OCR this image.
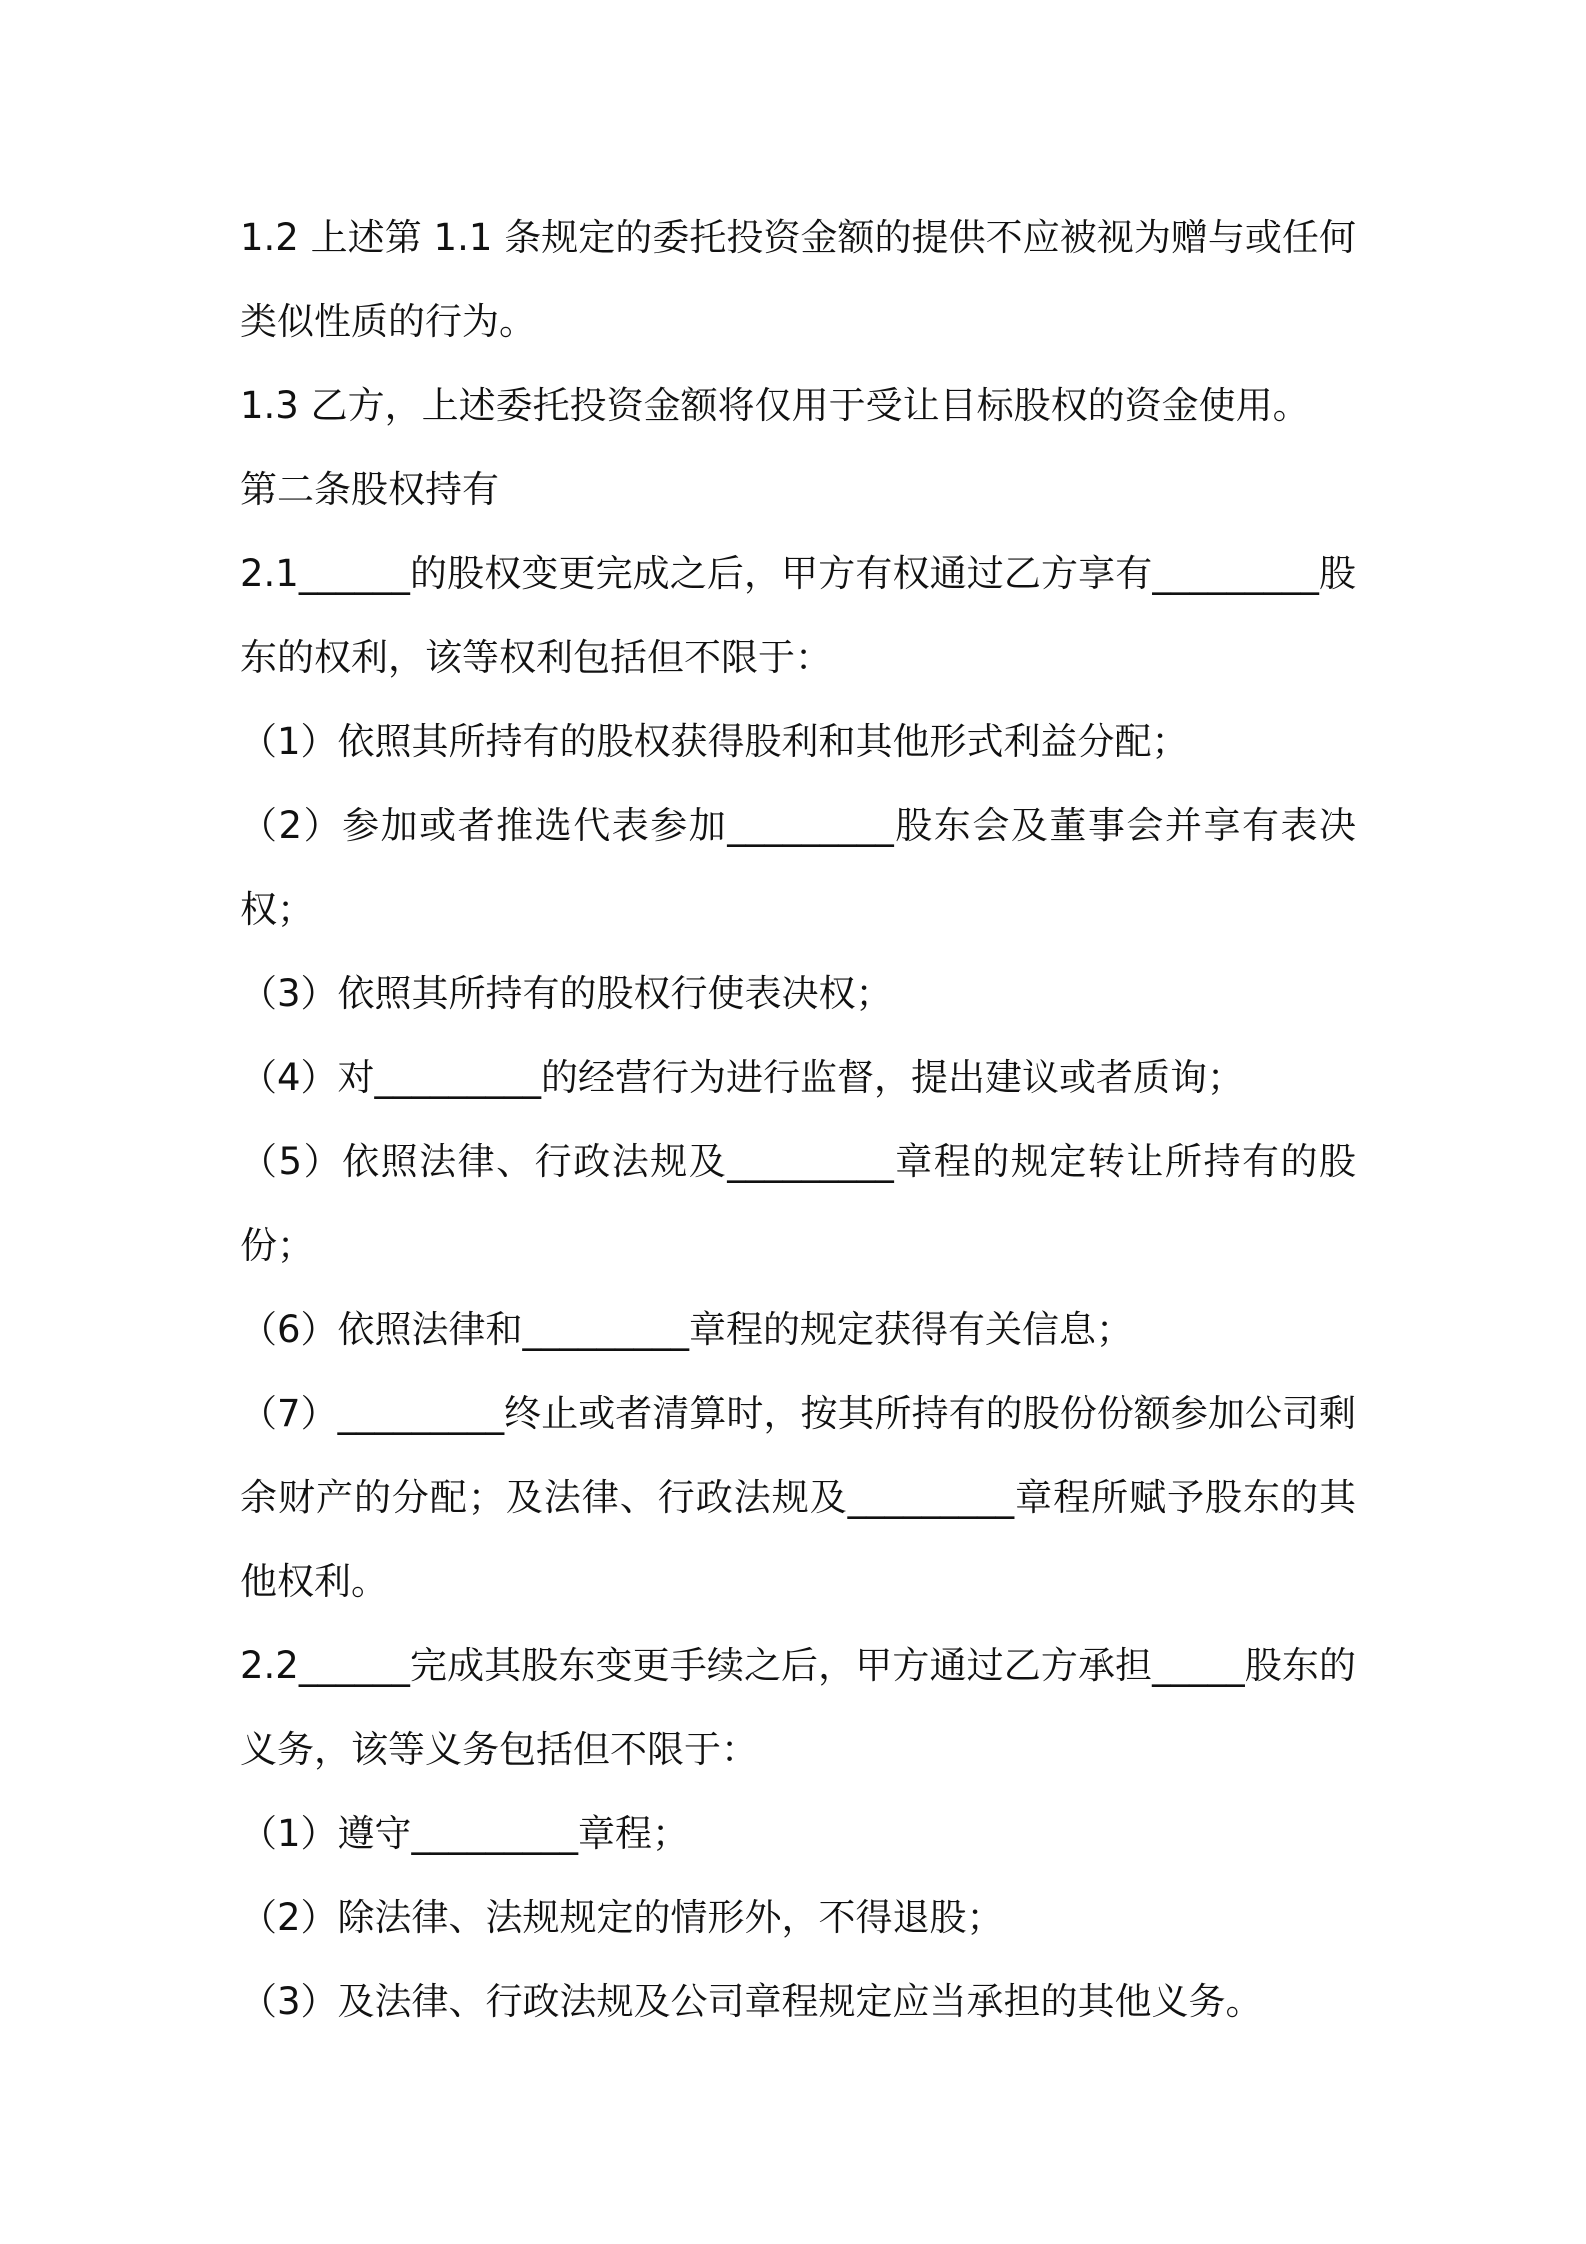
1.2 上述第 1.1 条规定的委托投资金额的提供不应被视为赠与或任何类似性质的行为。

1.3 乙方，上述委托投资金额将仅用于受让目标股权的资金使用。

第二条股权持有

2.1______的股权变更完成之后，甲方有权通过乙方享有_________股东的权利，该等权利包括但不限于：

（1）依照其所持有的股权获得股利和其他形式利益分配；

（2）参加或者推选代表参加_________股东会及董事会并享有表决权；

（3）依照其所持有的股权行使表决权；

（4）对_________的经营行为进行监督，提出建议或者质询；

（5）依照法律、行政法规及_________章程的规定转让所持有的股份；

（6）依照法律和_________章程的规定获得有关信息；

（7）_________终止或者清算时，按其所持有的股份份额参加公司剩余财产的分配；及法律、行政法规及_________章程所赋予股东的其他权利。

2.2______完成其股东变更手续之后，甲方通过乙方承担_____股东的义务，该等义务包括但不限于：

（1）遵守_________章程；

（2）除法律、法规规定的情形外，不得退股；

（3）及法律、行政法规及公司章程规定应当承担的其他义务。
